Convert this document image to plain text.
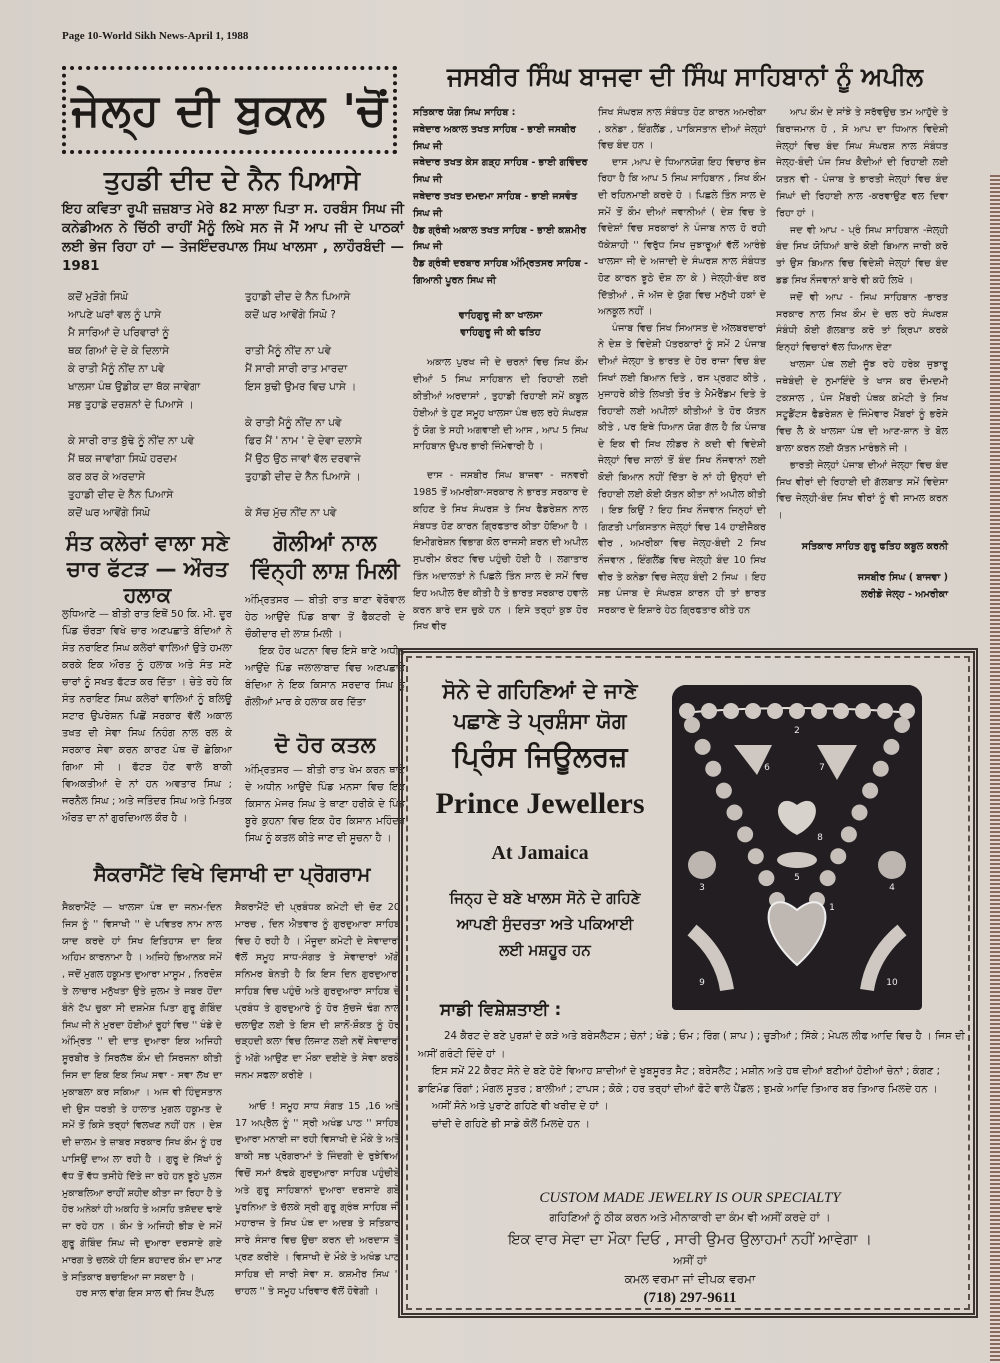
Page 10-World Sikh News-April 1, 1988
ਜੇਲ੍ਹ ਦੀ ਬੁਕਲ 'ਚੋਂ
ਤੁਹਡੀ ਦੀਦ ਦੇ ਨੈਨ ਪਿਆਸੇ
ਇਹ ਕਵਿਤਾ ਰੂਪੀ ਜ਼ਜ਼ਬਾਤ ਮੇਰੇ 82 ਸਾਲਾ ਪਿਤਾ ਸ. ਹਰਬੰਸ ਸਿਘ ਜੀ ਕਨੇਡੀਅਨ ਨੇ ਚਿੱਠੀ ਰਾਹੀਂ ਮੈਨੂੰ ਲਿਖੇ ਸਨ ਜੋ ਮੈਂ ਆਪ ਜੀ ਦੇ ਪਾਠਕਾਂ ਲਈ ਭੇਜ ਰਿਹਾ ਹਾਂ — ਤੇਜਇੰਦਰਪਾਲ ਸਿਘ ਖਾਲਸਾ , ਲਾਹੌਰਬੰਦੀ — 1981
ਕਦੋਂ ਮੁੜੋਗੇ ਸਿਘੋ
ਆਪਣੇ ਘਰਾਂ ਵਲ ਨੂੰ ਪਾਸੇ
ਮੈ ਸਾਰਿਆਂ ਦੇ ਪਰਿਵਾਰਾਂ ਨੂੰ
ਥਕ ਗਿਆਂ ਦੇ ਦੇ ਕੇ ਦਿਲਾਸੇ
ਕੇ ਰਾਤੀ ਮੈਨੂੰ ਨੀਂਦ ਨਾ ਪਵੇ
ਖਾਲਸਾ ਪੰਥ ਉਡੀਕ ਦਾ ਥੱਕ ਜਾਵੇਗਾ
ਸਭ ਤੁਹਾਡੇ ਦਰਸ਼ਨਾਂ ਦੇ ਪਿਆਸੇ ।

ਕੇ ਸਾਰੀ ਰਾਤ ਬੁੱਢੇ ਨੂੰ ਨੀਂਦ ਨਾ ਪਵੇ
ਮੈਂ ਥਕ ਜਾਵਾਂਗਾ ਸਿਘੋ ਹਰਦਮ
ਕਰ ਕਰ ਕੇ ਅਰਦਾਸੇ
ਤੁਹਾਡੀ ਦੀਦ ਦੇ ਨੈਨ ਪਿਆਸੇ
ਕਦੋਂ ਘਰ ਆਵੋਂਗੇ ਸਿਘੋ
ਤੁਹਾਡੀ ਦੀਦ ਦੇ ਨੈਨ ਪਿਆਸੇ
ਕਦੋਂ ਘਰ ਆਵੋਂਗੇ ਸਿਘੋ ?

ਰਾਤੀ ਮੈਨੂੰ ਨੀਂਦ ਨਾ ਪਵੇ
ਮੈਂ ਸਾਰੀ ਸਾਰੀ ਰਾਤ ਮਾਰਦਾ
ਇਸ ਬੁਢੀ ਉਮਰ ਵਿਚ ਪਾਸੇ ।

ਕੇ ਰਾਤੀ ਮੈਨੂੰ ਨੀਂਦ ਨਾ ਪਵੇ
ਫਿਰ ਮੈਂ ' ਨਾਮ ' ਦੇ ਦੇਵਾ ਦਲਾਸੇ
ਮੈਂ ਉਠ ਉਠ ਜਾਵਾਂ ਵੱਲ ਦਰਵਾਜੇ
ਤੁਹਾਡੀ ਦੀਦ ਦੇ ਨੈਨ ਪਿਆਸੇ ।

ਕੇ ਸੱਚ ਮੁੱਚ ਨੀਂਦ ਨਾ ਪਵੇ
ਸੰਤ ਕਲੇਰਾਂ ਵਾਲਾ ਸਣੇ ਚਾਰ ਫੱਟੜ — ਔਰਤ ਹਲਾਕ

ਲੁਧਿਆਣੇ — ਬੀਤੀ ਰਾਤ ਇਥੋਂ 50 ਕਿ. ਮੀ. ਦੂਰ ਪਿੰਡ ਚੌਰੜਾ ਵਿਖੇ ਚਾਰ ਅਣਪਛਾਤੇ ਬੰਦਿਆਂ ਨੇ ਸੰਤ ਨਰਾਇਣ ਸਿਘ ਕਲੇਰਾਂ ਵਾਲਿਆਂ ਉਤੇ ਹਮਲਾ ਕਰਕੇ ਇਕ ਔਰਤ ਨੂੰ ਹਲਾਕ ਅਤੇ ਸੰਤ ਸਣੇ ਚਾਰਾਂ ਨੂੰ ਸਖਤ ਫੱਟੜ ਕਰ ਦਿੱਤਾ । ਚੇਤੇ ਰਹੇ ਕਿ ਸੰਤ ਨਰਾਇਣ ਸਿਘ ਕਲੇਰਾਂ ਵਾਲਿਆਂ ਨੂੰ ਬਲਿਊ ਸਟਾਰ ਉਪਰੇਸ਼ਨ ਪਿਛੋਂ ਸਰਕਾਰ ਵੱਲੋਂ ਅਕਾਲ ਤਖਤ ਦੀ ਸੇਵਾ ਸਿਘ ਨਿਹੰਗ ਨਾਲ ਰਲ ਕੇ ਸਰਕਾਰ ਸੇਵਾ ਕਰਨ ਕਾਰਣ ਪੰਥ ਚੋਂ ਛੇਕਿਆ ਗਿਆ ਸੀ । ਫੱਟੜ ਹੋਣ ਵਾਲੇ ਬਾਕੀ ਵਿਅਕਤੀਆਂ ਦੇ ਨਾਂ ਹਨ ਅਵਤਾਰ ਸਿਘ ; ਜਰਨੈਲ ਸਿਘ ; ਅਤੇ ਜਤਿੰਦਰ ਸਿਘ ਅਤੇ ਮਿਤਕ ਔਰਤ ਦਾ ਨਾਂ ਗੁਰਦਿਆਲ ਕੌਰ ਹੈ ।

ਗੋਲੀਆਂ ਨਾਲ ਵਿੰਨ੍ਹੀ ਲਾਸ਼ ਮਿਲੀ

ਅੰਮ੍ਰਿਤਸਰ — ਬੀਤੀ ਰਾਤ ਥਾਣਾ ਵੇਰੋਵਾਲ ਹੇਠ ਆਉਂਦੇ ਪਿੰਡ ਬਾਵਾ ਤੋਂ ਫੈਕਟਰੀ ਦੇ ਚੌਕੀਦਾਰ ਦੀ ਲਾਸ਼ ਮਿਲੀ ।

ਇਕ ਹੋਰ ਘਟਨਾ ਵਿਚ ਇਸੇ ਥਾਣੇ ਅਧੀਨ ਆਉਂਦੇ ਪਿੰਡ ਜਲਾਲਾਬਾਦ ਵਿਚ ਅਣਪਛਾਤੇ ਬੰਦਿਆ ਨੇ ਇਕ ਕਿਸਾਨ ਸਰਦਾਰ ਸਿਘ ਨੂੰ ਗੋਲੀਆਂ ਮਾਰ ਕੇ ਹਲਾਕ ਕਰ ਦਿੱਤਾ

ਦੋ ਹੋਰ ਕਤਲ

ਅੰਮ੍ਰਿਤਸਰ — ਬੀਤੀ ਰਾਤ ਖੇਮ ਕਰਨ ਥਾਣੇ ਦੇ ਅਧੀਨ ਆਉਂਦੇ ਪਿੰਡ ਮਨਸਾ ਵਿਚ ਇਕ ਕਿਸਾਨ ਮੇਜਰ ਸਿਘ ਤੇ ਥਾਣਾ ਹਰੀਕੇ ਦੇ ਪਿੰਡ ਬੂਰੇ ਕੁਹਨਾ ਵਿਚ ਇਕ ਹੋਰ ਕਿਸਾਨ ਮਹਿੰਦਰ ਸਿਘ ਨੂੰ ਕਤਲ ਕੀਤੇ ਜਾਣ ਦੀ ਸੂਚਨਾ ਹੈ ।

ਸੈਕਰਾਮੈਂਟੋ ਵਿਖੇ ਵਿਸਾਖੀ ਦਾ ਪ੍ਰੋਗਰਾਮ

ਸੈਕਰਾਮੈਂਟੋ — ਖਾਲਸਾ ਪੰਥ ਦਾ ਜਨਮ-ਦਿਨ ਜਿਸ ਨੂੰ '' ਵਿਸਾਖੀ '' ਦੇ ਪਵਿਤਰ ਨਾਮ ਨਾਲ ਯਾਦ ਕਰਦੇ ਹਾਂ ਸਿਖ ਇਤਿਹਾਸ ਦਾ ਇਕ ਅਹਿਮ ਕਾਰਨਾਮਾ ਹੈ । ਅਜਿਹੇ ਭਿਆਨਕ ਸਮੇਂ , ਜਦੋਂ ਮੁਗਲ ਹਕੂਮਤ ਦੁਆਰਾ ਮਾਸੂਮ , ਨਿਰਦੋਸ਼ ਤੇ ਲਾਚਾਰ ਮਨੁੱਖਤਾ ਉਤੇ ਜ਼ੁਲਮ ਤੇ ਜਬਰ ਹੋਂਦਾ ਬੰਨੇ ਟੱਪ ਚੁਕਾ ਸੀ ਦਸ਼ਮੇਸ਼ ਪਿਤਾ ਗੁਰੂ ਗੋਬਿੰਦ ਸਿਘ ਜੀ ਨੇ ਮੁਰਦਾ ਹੋਈਆਂ ਰੂਹਾਂ ਵਿਚ '' ਖੰਡੇ ਦੇ ਅੰਮ੍ਰਿਤ '' ਦੀ ਦਾਤ ਦੁਆਰਾ ਇਕ ਅਜਿਹੀ ਸੂਰਬੀਰ ਤੇ ਸਿਰਲੱਥ ਕੌਮ ਦੀ ਸਿਰਜਨਾ ਕੀਤੀ ਜਿਸ ਦਾ ਇਕ ਇਕ ਸਿਘ ਸਵਾ - ਸਵਾ ਲੱਖ ਦਾ ਮੁਕਾਬਲਾ ਕਰ ਸਕਿਆ । ਅਜ ਵੀ ਹਿੰਦੁਸਤਾਨ ਦੀ ਉਸ ਧਰਤੀ ਤੇ ਹਾਲਾਤ ਮੁਗਲ ਹਕੂਮਤ ਦੇ ਸਮੇਂ ਤੋਂ ਕਿਸੇ ਤਰ੍ਹਾਂ ਵਿਲਖਣ ਨਹੀਂ ਹਨ । ਦੇਸ਼ ਦੀ ਜ਼ਾਲਮ ਤੇ ਜ਼ਾਬਰ ਸਰਕਾਰ ਸਿਖ ਕੌਮ ਨੂੰ ਹਰ ਪਾਸਿਉਂ ਦਾਅ ਲਾ ਰਹੀ ਹੈ । ਗੁਰੂ ਦੇ ਸਿੱਖਾਂ ਨੂੰ ਵੱਧ ਤੋਂ ਵੱਧ ਤਸੀਹੇ ਦਿੱਤੇ ਜਾ ਰਹੇ ਹਨ ਝੂਠੇ ਪੁਲਸ ਮੁਕਾਬਲਿਆ ਰਾਹੀਂ ਸ਼ਹੀਦ ਕੀਤਾ ਜਾ ਰਿਹਾ ਹੈ ਤੇ ਹੋਰ ਅਨੇਕਾਂ ਹੀ ਅਕਹਿ ਤੇ ਅਸਹਿ ਤਸ਼ੱਦਦ ਢਾਏ ਜਾ ਰਹੇ ਹਨ । ਕੌਮ ਤੇ ਅਜਿਹੀ ਭੀੜ ਦੇ ਸਮੇਂ ਗੁਰੂ ਗੋਬਿੰਦ ਸਿਘ ਜੀ ਦੁਆਰਾ ਦਰਸਾਏ ਗਏ ਮਾਰਗ ਤੇ ਚਲਕੇ ਹੀ ਇਸ ਬਹਾਦਰ ਕੌਮ ਦਾ ਮਾਣ ਤੇ ਸਤਿਕਾਰ ਬਚਾਇਆ ਜਾ ਸਕਦਾ ਹੈ ।

ਹਰ ਸਾਲ ਵਾਂਗ ਇਸ ਸਾਲ ਵੀ ਸਿਖ ਟੈਂਪਲ

ਸੈਕਰਾਮੈਂਟੋ ਦੀ ਪ੍ਰਬੰਧਕ ਕਮੇਟੀ ਦੀ ਚੋਣ 20 ਮਾਰਚ , ਦਿਨ ਐਤਵਾਰ ਨੂੰ ਗੁਰਦੁਆਰਾ ਸਾਹਿਬ ਵਿਚ ਹੋ ਰਹੀ ਹੈ । ਮੌਜੂਦਾ ਕਮੇਟੀ ਦੇ ਸੇਵਾਦਾਰਾਂ ਵੱਲੋਂ ਸਮੂਹ ਸਾਧ-ਸੰਗਤ ਤੇ ਸੇਵਾਦਾਰਾਂ ਅੱਗੇ ਸਨਿਮਰ ਬੇਨਤੀ ਹੈ ਕਿ ਇਸ ਦਿਨ ਗੁਰਦੁਆਰਾ ਸਾਹਿਬ ਵਿਚ ਪਹੁੰਚੋ ਅਤੇ ਗੁਰਦੁਆਰਾ ਸਾਹਿਬ ਦੇ ਪ੍ਰਬੰਧ ਤੇ ਗੁਰਦੁਆਰੇ ਨੂੰ ਹੋਰ ਸੁੱਚਜੇ ਢੰਗ ਨਾਲ ਚਲਾਉਣ ਲਈ ਤੇ ਇਸ ਦੀ ਸ਼ਾਨੋਂ-ਸ਼ੌਕਤ ਨੂੰ ਹੋਰ ਚੜ੍ਹਦੀ ਕਲਾ ਵਿਚ ਲਿਜਾਣ ਲਈ ਨਵੇਂ ਸੇਵਾਦਾਰਾਂ ਨੂੰ ਅੱਗੇ ਆਉਣ ਦਾ ਮੌਕਾ ਦਈਏ ਤੇ ਸੇਵਾ ਕਰਕੇ ਜਨਮ ਸਫਲਾ ਕਰੀਏ ।

ਆਓ ! ਸਮੂਹ ਸਾਧ ਸੰਗਤ 15 ,16 ਅਤੇ 17 ਅਪ੍ਰੈਲ ਨੂੰ '' ਸ੍ਰੀ ਅਖੰਡ ਪਾਠ '' ਸਾਹਿਬ ਦੁਆਰਾ ਮਨਾਈ ਜਾ ਰਹੀ ਵਿਸਾਖੀ ਦੇ ਮੌਕੇ ਤੇ ਅਤੇ ਬਾਕੀ ਸਭ ਪ੍ਰੋਗਰਾਮਾਂ ਤੇ ਜਿੰਦਗੀ ਦੇ ਰੁਝੇਵਿਆਂ ਵਿਚੋਂ ਸਮਾਂ ਕੱਢਕੇ ਗੁਰਦੁਆਰਾ ਸਾਹਿਬ ਪਹੁੰਚੀਏ ਅਤੇ ਗੁਰੂ ਸਾਹਿਬਾਨਾਂ ਦੁਆਰਾ ਦਰਸਾਏ ਗਏ ਪੂਰਨਿਆ ਤੇ ਚੱਲਕੇ ਸ੍ਰੀ ਗੁਰੂ ਗ੍ਰੰਥ ਸਾਹਿਬ ਜੀ ਮਹਾਰਾਜ ਤੇ ਸਿਖ ਪੰਥ ਦਾ ਅਦਬ ਤੇ ਸਤਿਕਾਰ ਸਾਰੇ ਸੰਸਾਰ ਵਿਚ ਉਚਾ ਕਰਨ ਦੀ ਅਰਦਾਸ ਤੇ ਪ੍ਰਣ ਕਰੀਏ । ਵਿਸਾਖੀ ਦੇ ਮੌਕੇ ਤੇ ਅਖੰਡ ਪਾਠ ਸਾਹਿਬ ਦੀ ਸਾਰੀ ਸੇਵਾ ਸ. ਕਸ਼ਮੀਰ ਸਿਘ '' ਚਾਹਲ '' ਤੇ ਸਮੂਹ ਪਰਿਵਾਰ ਵੱਲੋਂ ਹੋਵੇਗੀ ।

ਜਸਬੀਰ ਸਿੰਘ ਬਾਜਵਾ ਦੀ ਸਿੰਘ ਸਾਹਿਬਾਨਾਂ ਨੂੰ ਅਪੀਲ
ਸਤਿਕਾਰ ਯੋਗ ਸਿਘ ਸਾਹਿਬ :
ਜਥੇਦਾਰ ਅਕਾਲ ਤਖਤ ਸਾਹਿਬ - ਭਾਈ ਜਸਬੀਰ ਸਿਘ ਜੀ
ਜਥੇਦਾਰ ਤਖਤ ਕੇਸ ਗੜ੍ਹ ਸਾਹਿਬ - ਭਾਈ ਗਵਿੰਦਰ ਸਿਘ ਜੀ
ਜਥੇਦਾਰ ਤਖਤ ਦਮਦਮਾ ਸਾਹਿਬ - ਭਾਈ ਜਸਵੰਤ ਸਿਘ ਜੀ
ਹੈਡ ਗ੍ਰੰਥੀ ਅਕਾਲ ਤਖਤ ਸਾਹਿਬ - ਭਾਈ ਕਸ਼ਮੀਰ ਸਿਘ ਜੀ
ਹੈਡ ਗ੍ਰੰਥੀ ਦਰਬਾਰ ਸਾਹਿਬ ਅੰਮ੍ਰਿਤਸਰ ਸਾਹਿਬ - ਗਿਆਨੀ ਪੂਰਨ ਸਿਘ ਜੀ
ਵਾਹਿਗੁਰੂ ਜੀ ਕਾ ਖਾਲਸਾ
ਵਾਹਿਗੁਰੂ ਜੀ ਕੀ ਫਤਿਹ

ਅਕਾਲ ਪੁਰਖ ਜੀ ਦੇ ਚਰਨਾਂ ਵਿਚ ਸਿਖ ਕੌਮ ਦੀਆਂ 5 ਸਿਘ ਸਾਹਿਬਾਨ ਦੀ ਰਿਹਾਈ ਲਈ ਕੀਤੀਆਂ ਅਰਦਾਸਾਂ , ਤੁਹਾਡੀ ਰਿਹਾਈ ਸਮੇਂ ਕਬੂਲ ਹੋਈਆਂ ਤੇ ਹੁਣ ਸਮੂਹ ਖਾਲਸਾ ਪੰਥ ਚਲ ਰਹੇ ਸੰਘਰਸ਼ ਨੂੰ ਯੋਗ ਤੇ ਸਹੀ ਅਗਵਾਈ ਦੀ ਆਸ , ਆਪ 5 ਸਿਘ ਸਾਹਿਬਾਨ ਉਪਰ ਭਾਰੀ ਜਿੰਮੇਵਾਰੀ ਹੈ ।

ਦਾਸ - ਜਸਬੀਰ ਸਿਘ ਬਾਜਵਾ - ਜਨਵਰੀ 1985 ਤੋਂ ਅਮਰੀਕਾ-ਸਰਕਾਰ ਨੇ ਭਾਰਤ ਸਰਕਾਰ ਦੇ ਕਹਿਣ ਤੇ ਸਿਖ ਸੰਘਰਸ਼ ਤੇ ਸਿਖ ਫੈਡਰੇਸ਼ਨ ਨਾਲ ਸੰਬਧਤ ਹੋਣ ਕਾਰਨ ਗ੍ਰਿਫਤਾਰ ਕੀਤਾ ਹੋਇਆ ਹੈ । ਇਮੀਗਰੇਸ਼ਨ ਵਿਭਾਗ ਕੋਲ ਰਾਜਸੀ ਸ਼ਰਨ ਦੀ ਅਪੀਲ ਸੁਪਰੀਮ ਕੋਰਟ ਵਿਚ ਪਹੁੰਚੀ ਹੋਈ ਹੈ । ਲਗਾਤਾਰ ਤਿੰਨ ਅਦਾਲਤਾਂ ਨੇ ਪਿਛਲੇ ਤਿੰਨ ਸਾਲ ਦੇ ਸਮੇਂ ਵਿਚ ਇਹ ਅਪੀਲ ਰੱਦ ਕੀਤੀ ਹੈ ਤੇ ਭਾਰਤ ਸਰਕਾਰ ਹਵਾਲੇ ਕਰਨ ਬਾਰੇ ਦਸ ਚੁਕੇ ਹਨ । ਇਸੇ ਤਰ੍ਹਾਂ ਕੁਝ ਹੋਰ ਸਿਖ ਵੀਰ

ਸਿਖ ਸੰਘਰਸ਼ ਨਾਲ ਸੰਬੰਧਤ ਹੋਣ ਕਾਰਨ ਅਮਰੀਕਾ , ਕਨੇਡਾ , ਇੰਗਲੈਂਡ , ਪਾਕਿਸਤਾਨ ਦੀਆਂ ਜੇਲ੍ਹਾਂ ਵਿਚ ਬੰਦ ਹਨ ।

ਦਾਸ ,ਆਪ ਦੇ ਧਿਆਨਯੋਗ ਇਹ ਵਿਚਾਰ ਭੇਜ ਰਿਹਾ ਹੈ ਕਿ ਆਪ 5 ਸਿਘ ਸਾਹਿਬਾਨ , ਸਿਖ ਕੌਮ ਦੀ ਰਹਿਨਮਾਈ ਕਰਦੇ ਹੋ । ਪਿਛਲੇ ਤਿੰਨ ਸਾਲ ਦੇ ਸਮੇਂ ਤੋਂ ਕੌਮ ਦੀਆਂ ਜਵਾਨੀਆਂ ( ਦੇਸ਼ ਵਿਚ ਤੇ ਵਿਦੇਸ਼ਾਂ ਵਿਚ ਸਰਕਾਰਾਂ ਨੇ ਪੰਜਾਬ ਨਾਲ ਹੋ ਰਹੀ ਧੱਕੇਸ਼ਾਹੀ '' ਵਿਰੁੱਧ ਸਿਖ ਜੁਝਾਰੂਆਂ ਵੱਲੋਂ ਆਰੰਭੇ ਖਾਲਸਾ ਜੀ ਦੇ ਅਜਾਦੀ ਦੇ ਸੰਘਰਸ਼ ਨਾਲ ਸੰਬੰਧਤ ਹੋਣ ਕਾਰਨ ਝੂਠੇ ਦੋਸ਼ ਲਾ ਕੇ ) ਜੇਲ੍ਹੀ-ਬੰਦ ਕਰ ਦਿੱਤੀਆਂ , ਜੋ ਅੱਜ ਦੇ ਯੁੱਗ ਵਿਚ ਮਨੁੱਖੀ ਹਕਾਂ ਦੇ ਅਨਕੂਲ ਨਹੀਂ ।

ਪੰਜਾਬ ਵਿਚ ਸਿਖ ਸਿਆਸਤ ਦੇ ਅੱਲਬਰਦਾਰਾਂ ਨੇ ਦੇਸ਼ ਤੇ ਵਿਦੇਸ਼ੀ ਪੱਤਰਕਾਰਾਂ ਨੂੰ ਸਮੇਂ 2 ਪੰਜਾਬ ਦੀਆਂ ਜੇਲ੍ਹਾ ਤੇ ਭਾਰਤ ਦੇ ਹੋਰ ਰਾਜਾ ਵਿਚ ਬੰਦ ਸਿਖਾਂ ਲਈ ਬਿਆਨ ਦਿਤੇ , ਰਸ ਪ੍ਰਗਟ ਕੀਤੇ , ਮੁਜਾਹਰੇ ਕੀਤੇ ਲਿਖਤੀ ਤੌਰ ਤੇ ਮੈਮੋਰੈਂਡਮ ਦਿਤੇ ਤੇ ਰਿਹਾਈ ਲਈ ਅਪੀਲਾਂ ਕੀਤੀਆਂ ਤੇ ਹੋਰ ਯੱਤਨ ਕੀਤੇ , ਪਰ ਇਥੇ ਧਿਆਨ ਯੋਗ ਗੱਲ ਹੈ ਕਿ ਪੰਜਾਬ ਦੇ ਇਕ ਵੀ ਸਿਖ ਲੀਡਰ ਨੇ ਕਦੀ ਵੀ ਵਿਦੇਸ਼ੀ ਜੇਲ੍ਹਾਂ ਵਿਚ ਸਾਲਾਂ ਤੋਂ ਬੰਦ ਸਿਖ ਨੌਜਵਾਨਾਂ ਲਈ ਕੋਈ ਬਿਆਨ ਨਹੀਂ ਦਿੱਤਾ ਰੇ ਨਾਂ ਹੀ ਉਨ੍ਹਾਂ ਦੀ ਰਿਹਾਈ ਲਈ ਕੋਈ ਯੱਤਨ ਕੀਤਾ ਨਾਂ ਅਪੀਲ ਕੀਤੀ । ਇਝ ਕਿਉਂ ? ਇਹ ਸਿਖ ਨੌਜਵਾਨ ਜਿਨ੍ਹਾਂ ਦੀ ਗਿਣਤੀ ਪਾਕਿਸਤਾਨ ਜੇਲ੍ਹਾਂ ਵਿਚ 14 ਹਾਈਜੈਕਰ ਵੀਰ , ਅਮਰੀਕਾ ਵਿਚ ਜੇਲ੍ਹ-ਬੰਦੀ 2 ਸਿਖ ਨੌਜਵਾਨ , ਇੰਗਲੈਂਡ ਵਿਚ ਜੇਲ੍ਹੀ ਬੰਦ 10 ਸਿਖ ਵੀਰ ਤੇ ਕਨੇਡਾ ਵਿਚ ਜੇਲ੍ਹ ਬੰਦੀ 2 ਸਿਘ । ਇਹ ਸਭ ਪੰਜਾਬ ਦੇ ਸੰਘਰਸ਼ ਕਾਰਨ ਹੀ ਤਾਂ ਭਾਰਤ ਸਰਕਾਰ ਦੇ ਇਸ਼ਾਰੇ ਹੇਠ ਗ੍ਰਿਫਤਾਰ ਕੀਤੇ ਹਨ

ਆਪ ਕੌਮ ਦੇ ਸਾਂਝੇ ਤੇ ਸਰੱਵਉਚ ਤਮ ਆਹੁੱਦੇ ਤੇ ਬਿਰਾਜਮਾਨ ਹੋ , ਸੋ ਆਪ ਦਾ ਧਿਆਨ ਵਿਦੇਸ਼ੀ ਜੇਲ੍ਹਾਂ ਵਿਚ ਬੰਦ ਸਿਘ ਸੰਘਰਸ਼ ਨਾਲ ਸੰਬੰਧਤ ਜੇਲ੍ਹ-ਬੰਦੀ ਪੰਜ ਸਿਖ ਕੈਦੀਆਂ ਦੀ ਰਿਹਾਈ ਲਈ ਯਤਨ ਵੀ - ਪੰਜਾਬ ਤੇ ਭਾਰਤੀ ਜੇਲ੍ਹਾਂ ਵਿਚ ਬੰਦ ਸਿਘਾਂ ਦੀ ਰਿਹਾਈ ਨਾਲ -ਕਰਵਾਉਣ ਵਲ ਦਿਵਾ ਰਿਹਾ ਹਾਂ ।

ਜਦ ਵੀ ਆਪ - ਪ੍ਰੰ ਸਿਘ ਸਾਹਿਬਾਨ -ਜੇਲ੍ਹੀ ਬੰਦ ਸਿਖ ਯੋਧਿਆਂ ਬਾਰੇ ਕੋਈ ਬਿਆਨ ਜਾਰੀ ਕਰੋ ਤਾਂ ਉਸ ਬਿਆਨ ਵਿਚ ਵਿਦੇਸ਼ੀ ਜੇਲ੍ਹਾਂ ਵਿਚ ਬੰਦ ਡਡ ਸਿਖ ਨੌਜਵਾਨਾਂ ਬਾਰੇ ਵੀ ਕਹੋ ਲਿਖੋ ।

ਜਦੋਂ ਵੀ ਆਪ - ਸਿਘ ਸਾਹਿਬਾਨ -ਭਾਰਤ ਸਰਕਾਰ ਨਾਲ ਸਿਖ ਕੌਮ ਦੇ ਚਲ ਰਹੇ ਸੰਘਰਸ਼ ਸੰਬੰਧੀ ਕੋਈ ਗੱਲਬਾਤ ਕਰੋ ਤਾਂ ਕ੍ਰਿਪਾ ਕਰਕੇ ਇਨ੍ਹਾਂ ਵਿਚਾਰਾਂ ਵੱਲ ਧਿਆਨ ਦੇਣਾ

ਖਾਲਸਾ ਪੰਥ ਲਈ ਜੂੱਝ ਰਹੇ ਹਰੇਕ ਜੁਝਾਰੂ ਜਥੇਬੰਦੀ ਦੇ ਨੁਮਾਇੰਦੇ ਤੇ ਖਾਸ ਕਰ ਦੌਮਦਮੀ ਟਕਸਾਲ , ਪੰਜ ਮੈਂਬਰੀ ਪੰਥਕ ਕਮੇਟੀ ਤੇ ਸਿਖ ਸਟੂਡੈਂਟਸ ਫੈਡਰੇਸ਼ਨ ਦੇ ਜਿੰਮੇਵਾਰ ਮੈਂਬਰਾਂ ਨੂੰ ਭਰੋਸੇ ਵਿਚ ਲੈ ਕੇ ਖਾਲਸਾ ਪੰਥ ਦੀ ਆਣ-ਸ਼ਾਨ ਤੇ ਬੋਲ ਬਾਲਾ ਕਰਨ ਲਈ ਯੱਤਨ ਮਾਰੰਭਨੇ ਜੀ ।

ਭਾਰਤੀ ਜੇਲ੍ਹਾਂ ਪੰਜਾਬ ਦੀਆਂ ਜੇਲ੍ਹਾ ਵਿਚ ਬੰਦ ਸਿਖ ਵੀਰਾਂ ਦੀ ਰਿਹਾਈ ਦੀ ਗੱਲਬਾਤ ਸਮੇਂ ਵਿਦੇਸਾ ਵਿਚ ਜੇਲ੍ਹੀ-ਬੰਦ ਸਿਖ ਵੀਰਾਂ ਨੂੰ ਵੀ ਸਾਮਲ ਕਰਨ ।

ਸਤਿਕਾਰ ਸਾਹਿਤ ਗੁਰੂ ਫਤਿਹ ਕਬੂਲ ਕਰਨੀ

ਜਸਬੀਰ ਸਿਘ ( ਬਾਜਵਾ )
ਲਰੀਡੋ ਜੇਲ੍ਹ - ਅਮਰੀਕਾ
ਸੋਨੇ ਦੇ ਗਹਿਣਿਆਂ ਦੇ ਜਾਣੇ
ਪਛਾਣੇ ਤੇ ਪ੍ਰਸ਼ੰਸਾ ਯੋਗ
ਪ੍ਰਿੰਸ ਜਿਊਲਰਜ਼
Prince Jewellers
At Jamaica
ਜਿਨ੍ਹ ਦੇ ਬਣੇ ਖਾਲਸ ਸੋਨੇ ਦੇ ਗਹਿਣੇ
ਆਪਣੀ ਸੁੰਦਰਤਾ ਅਤੇ ਪਕਿਆਈ
ਲਈ ਮਸ਼ਹੂਰ ਹਨ
ਸਾਡੀ ਵਿਸ਼ੇਸ਼ਤਾਈ :
1
2
3	4
5
6	7
8
9	10

24 ਕੈਰਟ ਦੇ ਬਣੇ ਪੁਰਸ਼ਾਂ ਦੇ ਕੜੇ ਅਤੇ ਬਰੇਸਲੈਟਸ ; ਚੇਨਾਂ ; ਖੰਡੇ ; ਓਮ ; ਰਿੰਗ ( ਸ਼ਾਪ ) ; ਚੂੜੀਆਂ ; ਸਿੱਕੇ ; ਮੇਪਲ ਲੀਫ ਆਦਿ ਵਿਚ ਹੈ । ਜਿਸ ਦੀ ਅਸੀਂ ਗਰੰਟੀ ਦਿੰਦੇ ਹਾਂ ।

ਇਸ ਸਮੇਂ 22 ਕੈਰਟ ਸੋਨੇ ਦੇ ਬਣੇ ਹੋਏ ਵਿਆਹ ਸ਼ਾਦੀਆਂ ਦੇ ਖੂਬਸੂਰਤ ਸੈਟ ; ਬਰੇਸਲੈਟ ; ਮਸ਼ੀਨ ਅਤੇ ਹਥ ਦੀਆਂ ਬਣੀਆਂ ਹੋਈਆਂ ਚੇਨਾਂ ; ਕੰਗਣ ; ਡਾਇਮੰਡ ਰਿੰਗਾਂ ; ਮੰਗਲ ਸੂਤਰ ; ਬਾਲੀਆਂ ; ਟਾਪਸ ; ਕੋਕੇ ; ਹਰ ਤਰ੍ਹਾਂ ਦੀਆਂ ਫੋਟੋ ਵਾਲੇ ਪੈਂਡਲ ; ਝੁਮਕੇ ਆਦਿ ਤਿਆਰ ਬਰ ਤਿਆਰ ਮਿਲਦੇ ਹਨ ।

ਅਸੀਂ ਸੋਨੇ ਅਤੇ ਪੁਰਾਣੇ ਗਹਿਣੇ ਵੀ ਖਰੀਦ ਦੇ ਹਾਂ ।

ਚਾਂਦੀ ਦੇ ਗਹਿਣੇ ਭੀ ਸਾਡੇ ਕੋਲੋਂ ਮਿਲਦੇ ਹਨ ।

CUSTOM MADE JEWELRY IS OUR SPECIALTY
ਗਹਿਣਿਆਂ ਨੂੰ ਠੀਕ ਕਰਨ ਅਤੇ ਮੀਨਾਕਾਰੀ ਦਾ ਕੰਮ ਵੀ ਅਸੀਂ ਕਰਦੇ ਹਾਂ ।
ਇਕ ਵਾਰ ਸੇਵਾ ਦਾ ਮੌਕਾ ਦਿਓ , ਸਾਰੀ ਉਮਰ ਉਲਾਹਮਾਂ ਨਹੀਂ ਆਵੇਗਾ ।
ਅਸੀਂ ਹਾਂ
ਕਮਲ ਵਰਮਾ ਜਾਂ ਦੀਪਕ ਵਰਮਾ
(718) 297-9611
